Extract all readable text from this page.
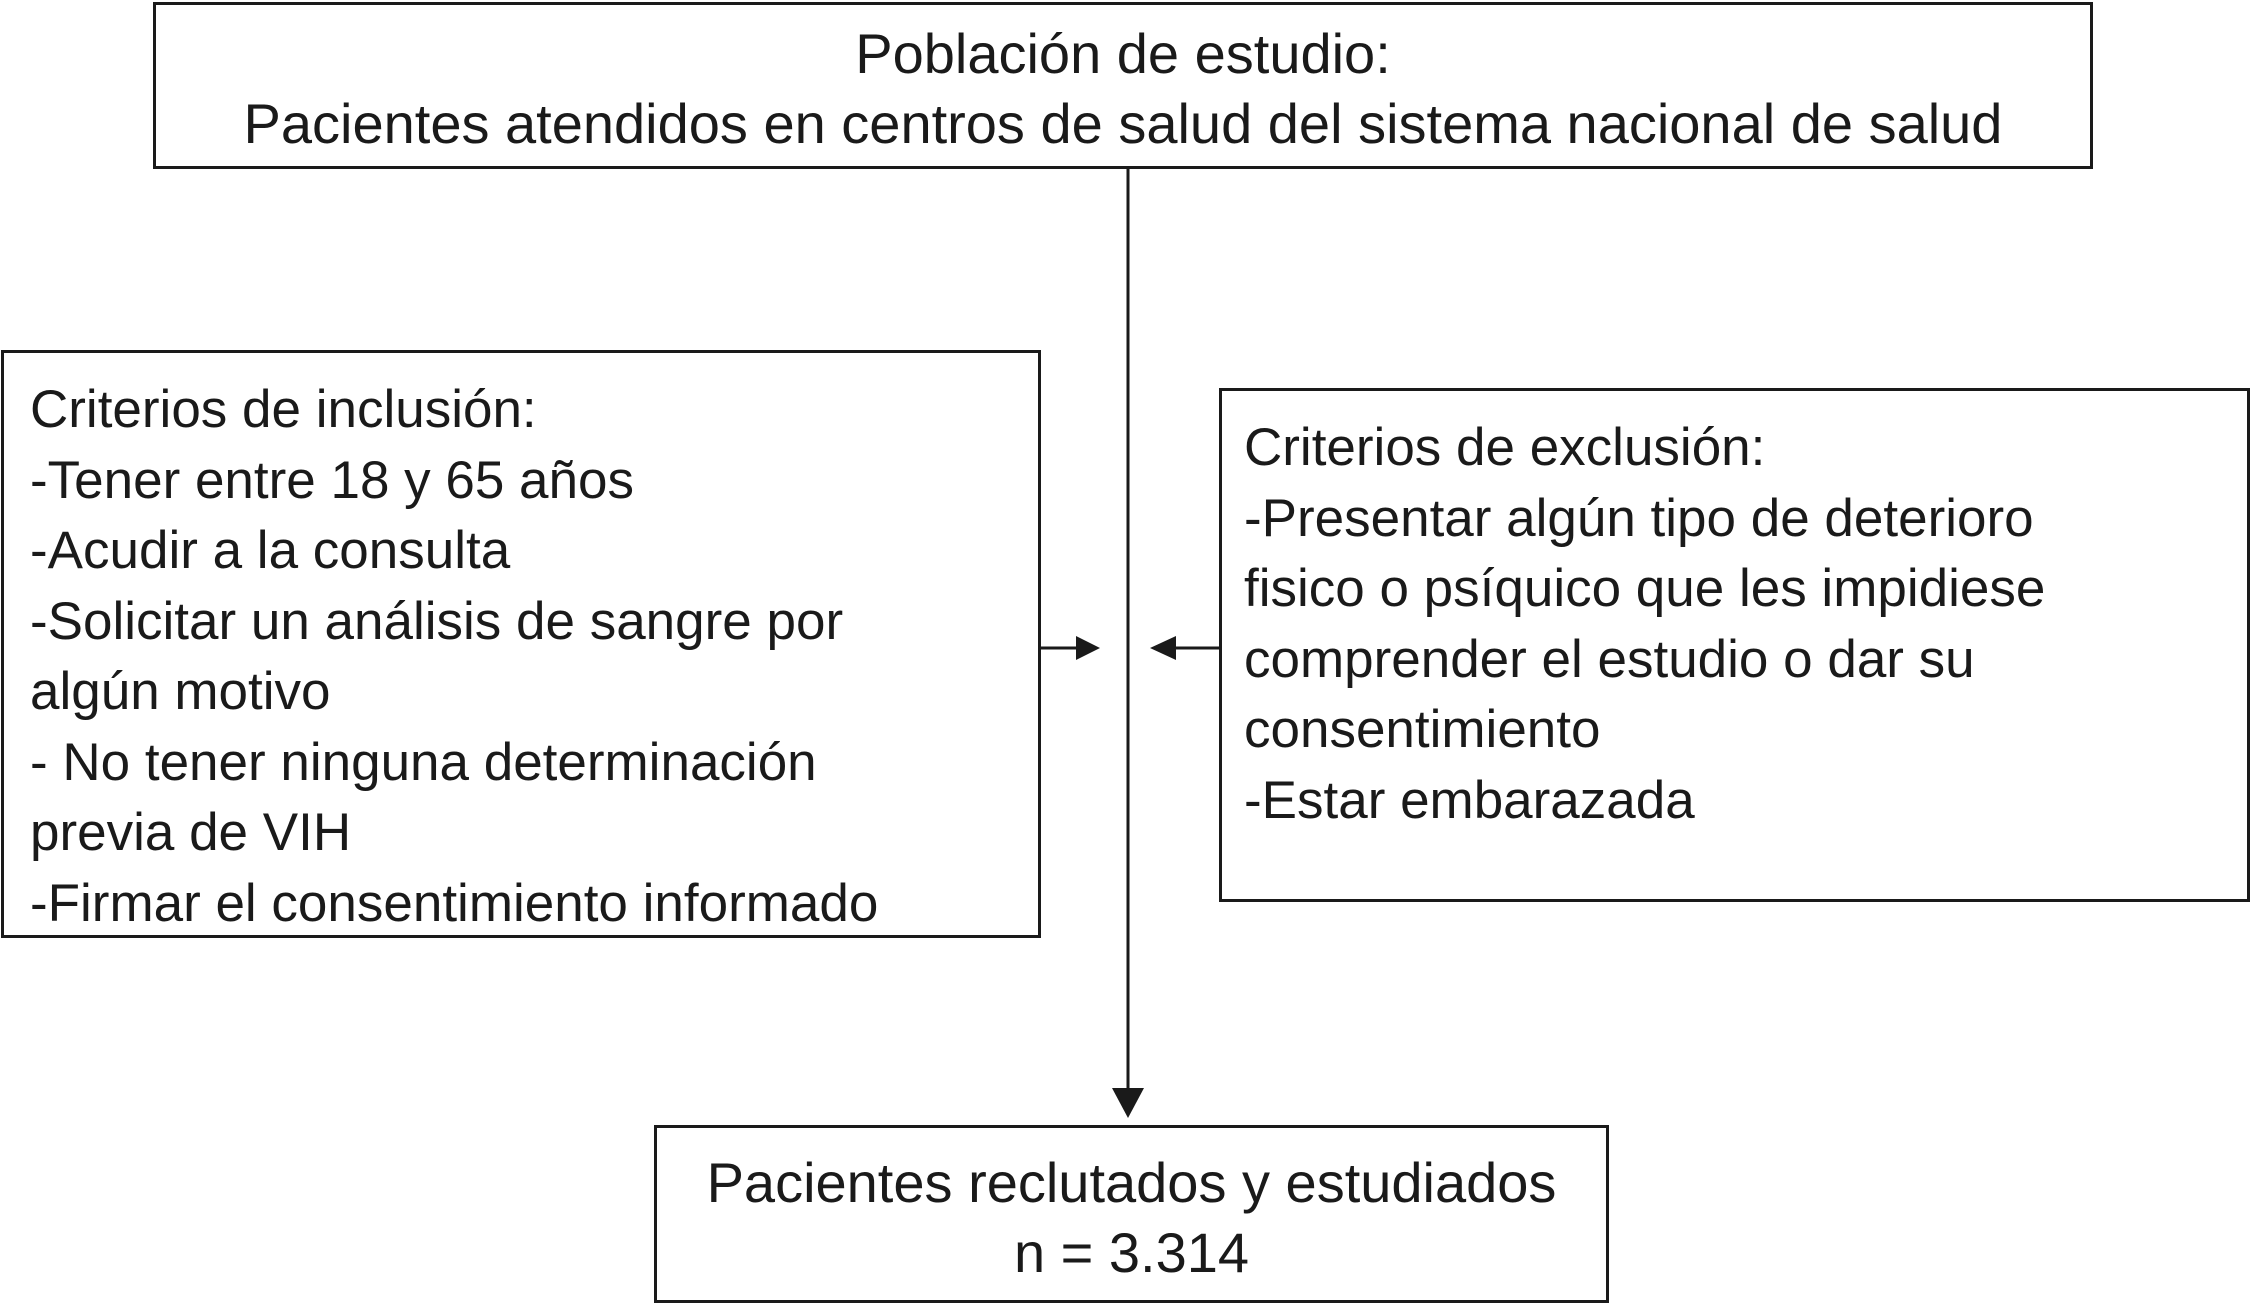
Población de estudio:
Pacientes atendidos en centros de salud del sistema nacional de salud
Criterios de inclusión:
-Tener entre 18 y 65 años
-Acudir a la consulta
-Solicitar un análisis de sangre por
algún motivo
- No tener ninguna determinación
previa de VIH
-Firmar el consentimiento informado
Criterios de exclusión:
-Presentar algún tipo de deterioro
fisico o psíquico que les impidiese
comprender el estudio o dar su
consentimiento
-Estar embarazada
Pacientes reclutados y estudiados
n = 3.314
